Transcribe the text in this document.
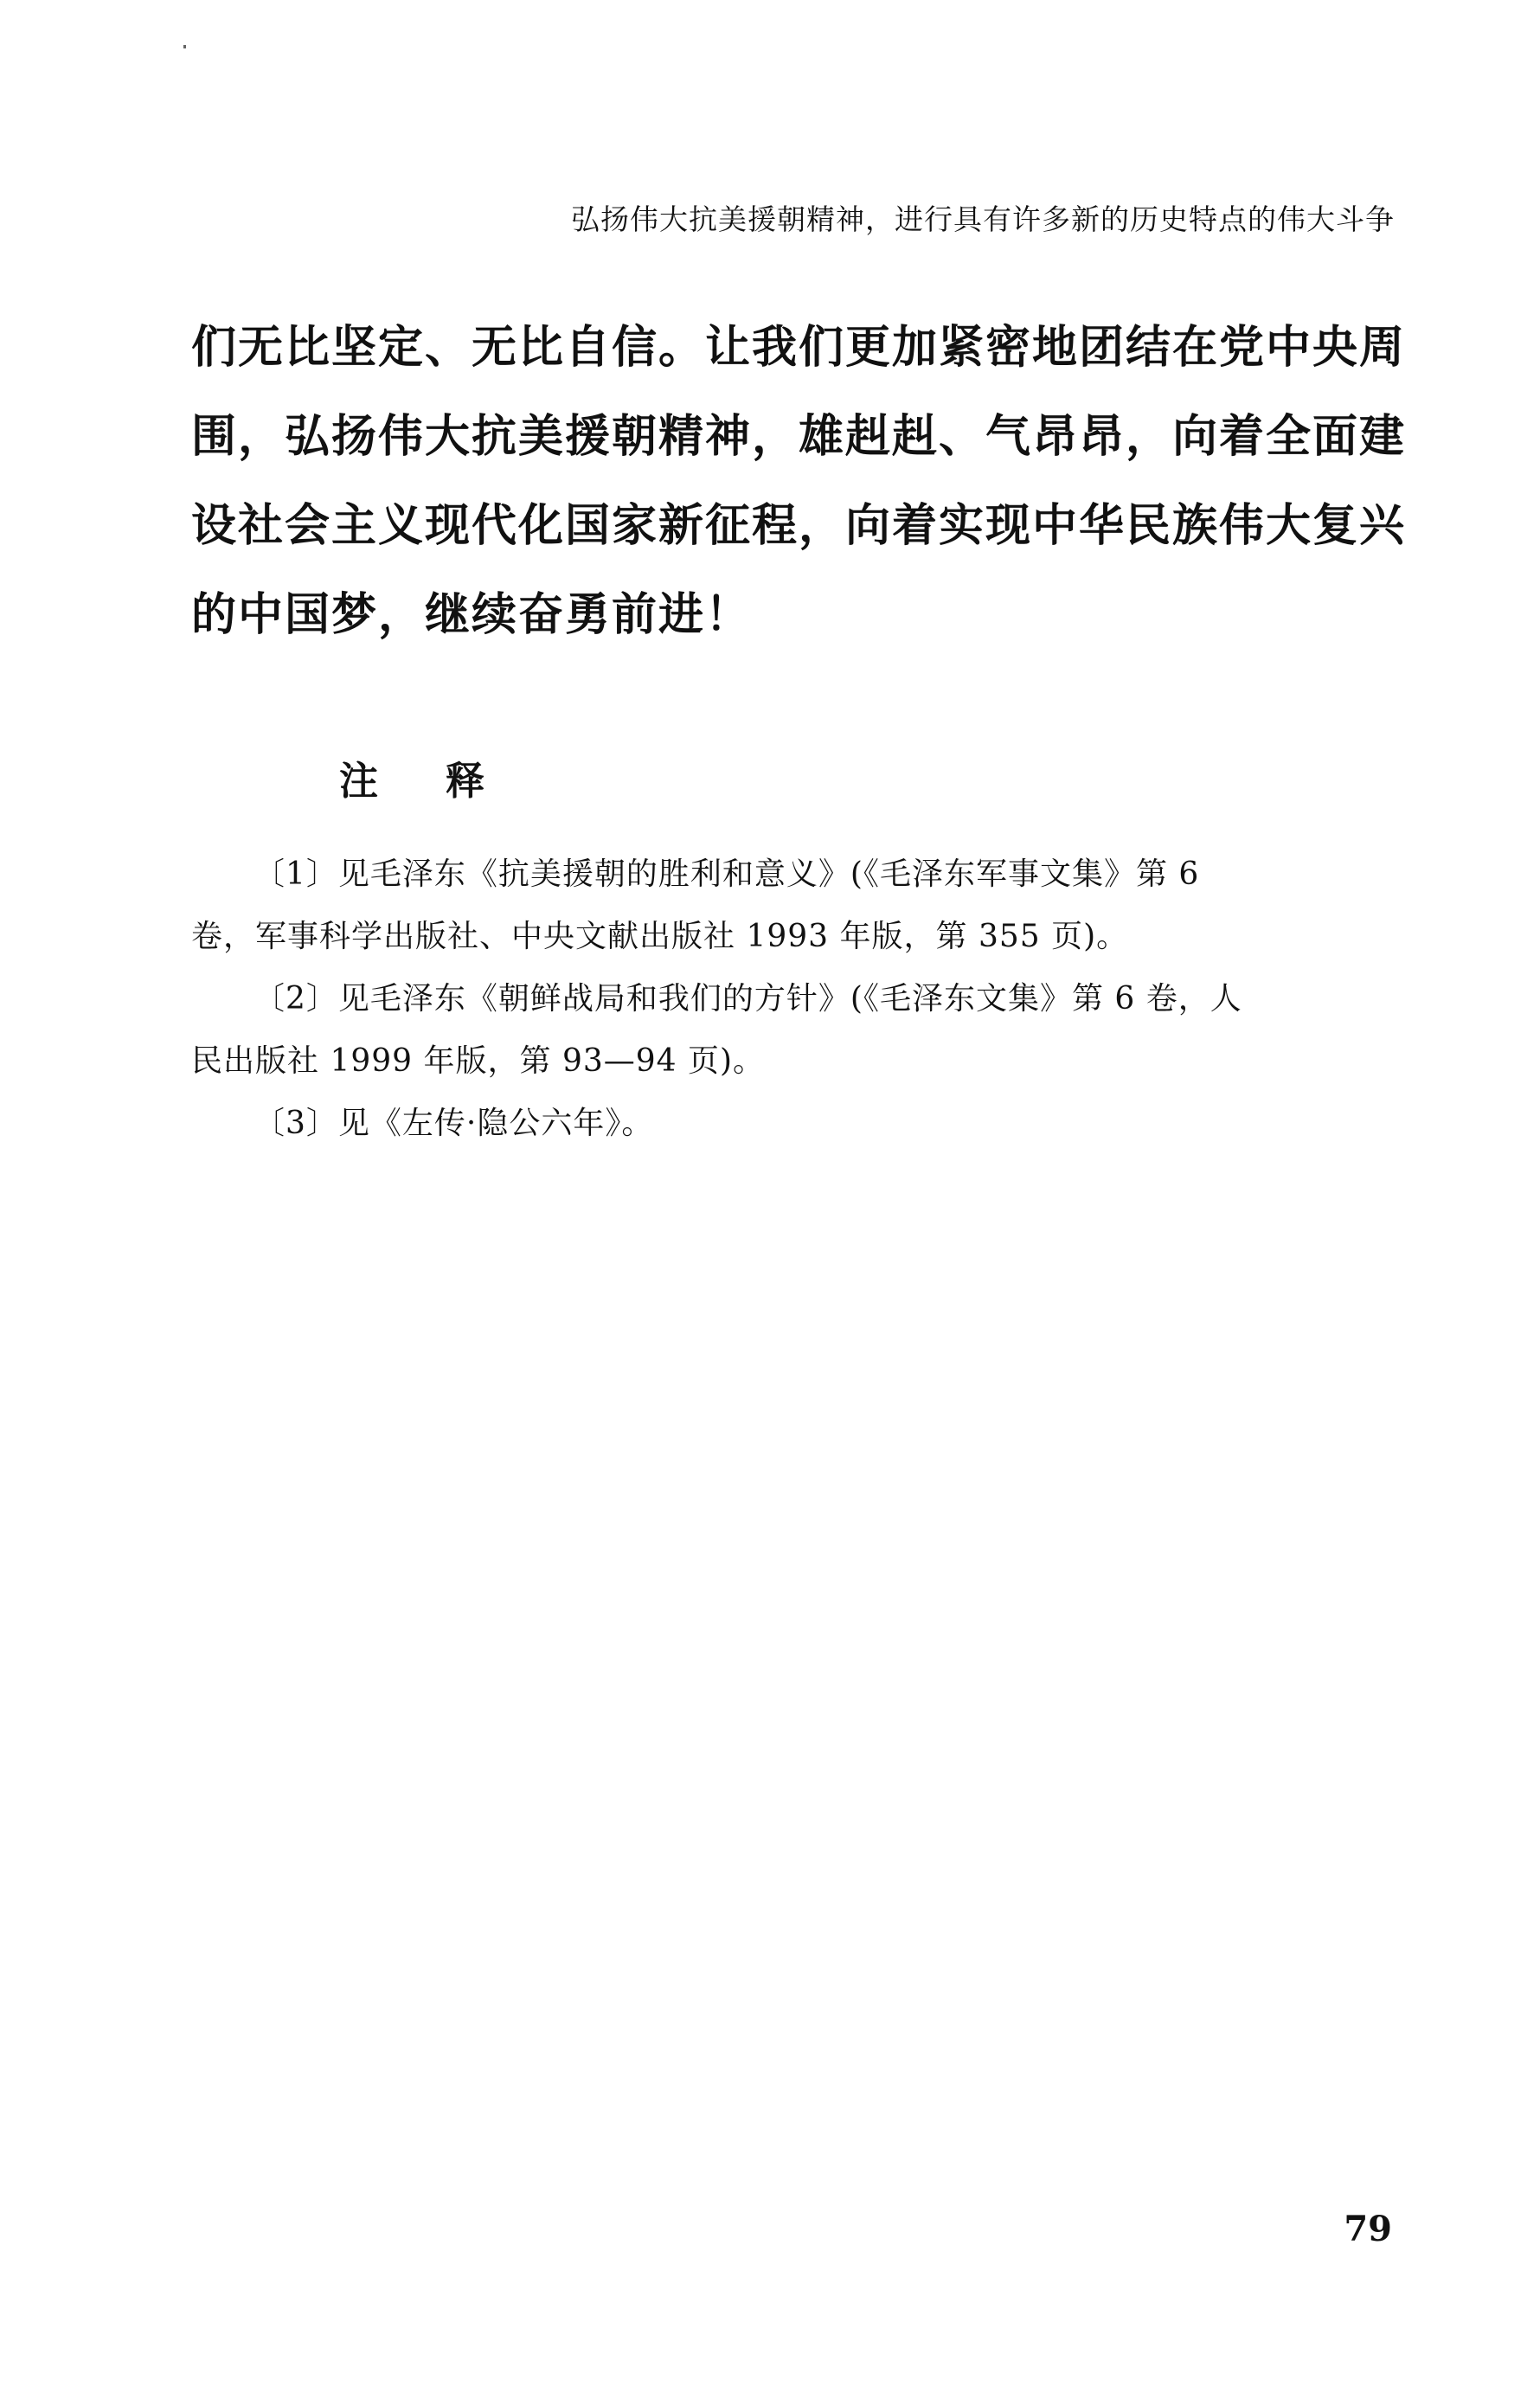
弘扬伟大抗美援朝精神，进行具有许多新的历史特点的伟大斗争
们无比坚定、无比自信。让我们更加紧密地团结在党中央周
围，弘扬伟大抗美援朝精神，雄赳赳、气昂昂，向着全面建
设社会主义现代化国家新征程，向着实现中华民族伟大复兴
的中国梦，继续奋勇前进！
注释
〔1〕见毛泽东《抗美援朝的胜利和意义》(《毛泽东军事文集》第 6
卷，军事科学出版社、中央文献出版社 1993 年版，第 355 页)。
〔2〕见毛泽东《朝鲜战局和我们的方针》(《毛泽东文集》第 6 卷，人
民出版社 1999 年版，第 93—94 页)。
〔3〕见《左传·隐公六年》。
79
